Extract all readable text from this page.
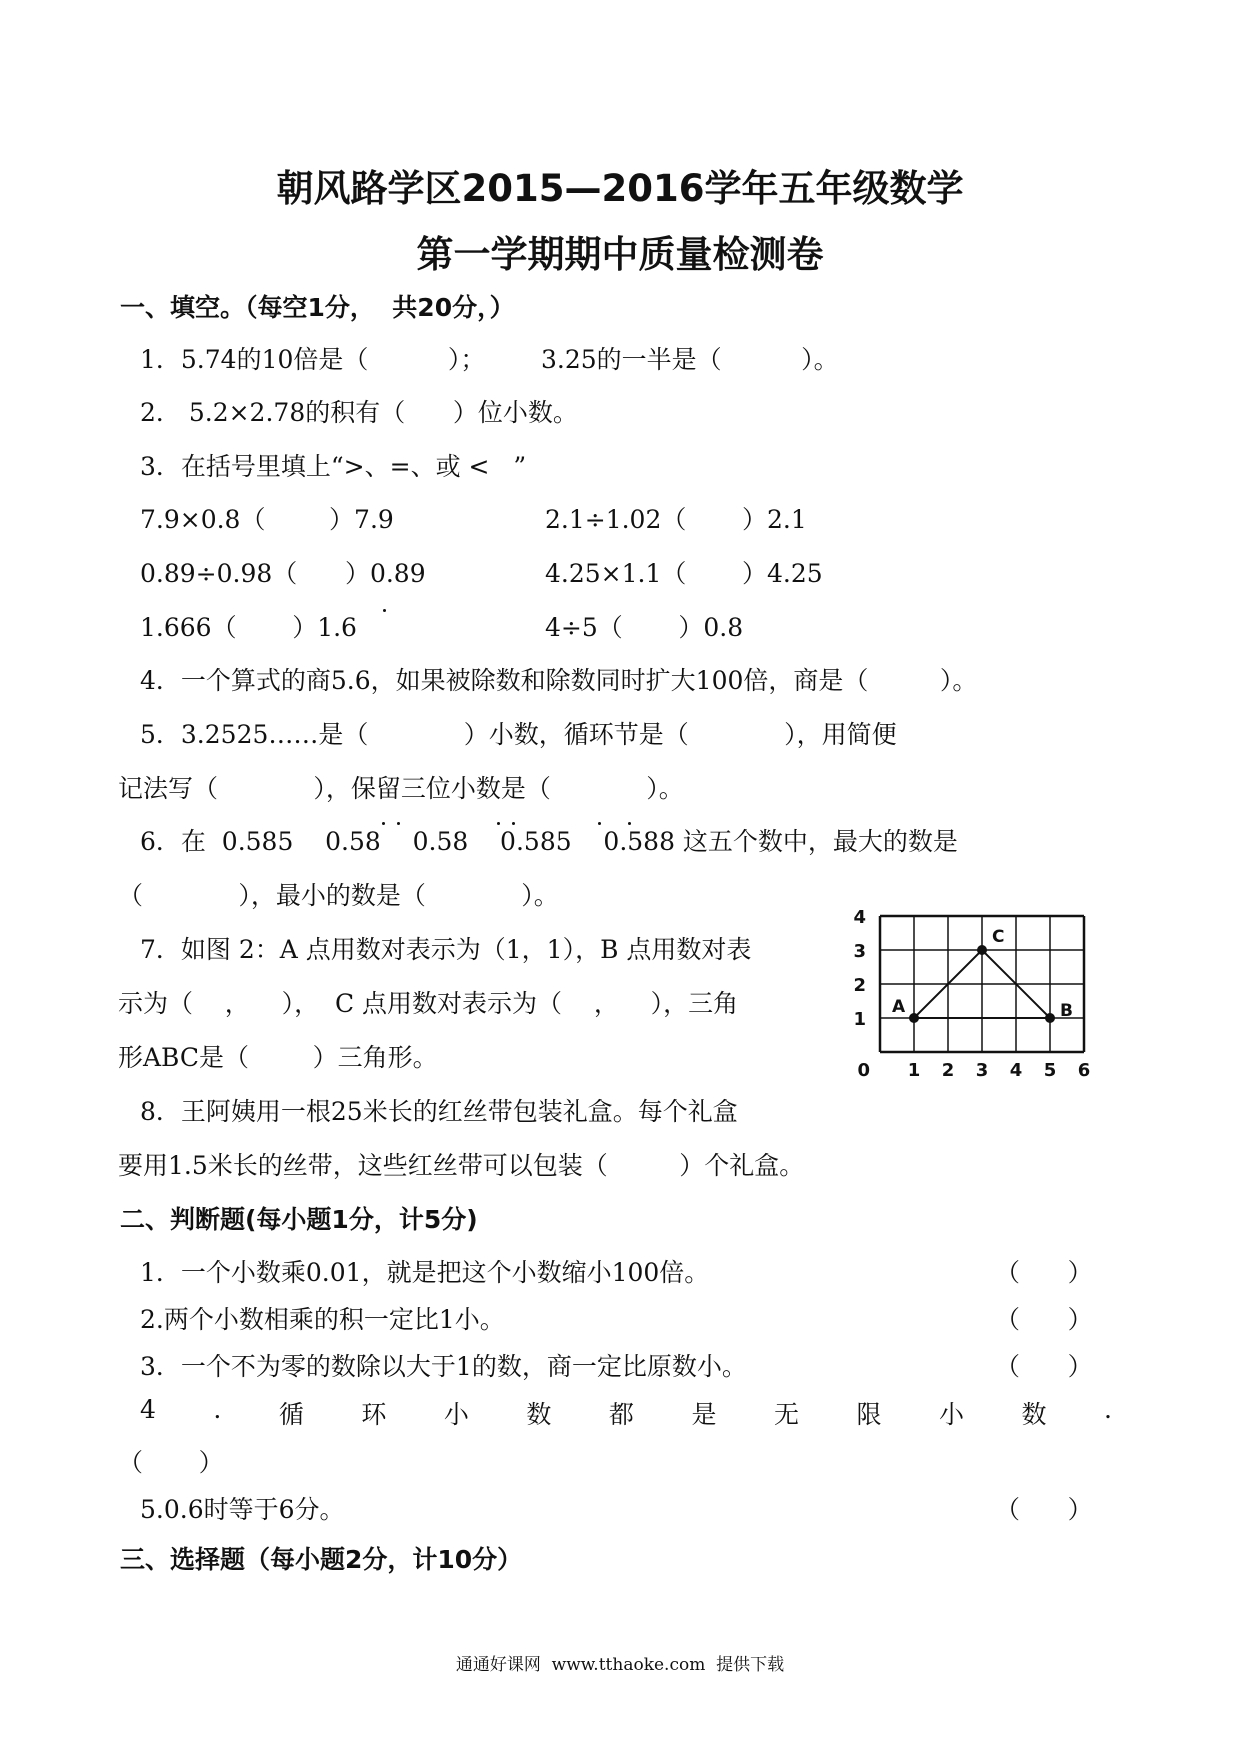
朝风路学区2015—2016学年五年级数学
第一学期期中质量检测卷
一、填空。（每空1分，  共20分，）
1．5.74的10倍是（          ）；       3.25的一半是（          ）。
2． 5.2×2.78的积有（      ）位小数。
3．在括号里填上“>、=、或 <   ”
7.9×0.8（        ）7.9	2.1÷1.02（       ）2.1
0.89÷0.98（      ）0.89	4.25×1.1（       ）4.25
1.666（       ）1.6	4÷5（       ）0.8
4．一个算式的商5.6，如果被除数和除数同时扩大100倍，商是（         ）。
5．3.2525……是（            ）小数，循环节是（            ），用简便
记法写（            ），保留三位小数是（            ）。
6．在  0.585    0.58    0.58    0.585    0.588 这五个数中，最大的数是
（            ），最小的数是（            ）。
7．如图 2：A 点用数对表示为（1，1），B 点用数对表
示为（    ，    ），  C 点用数对表示为（    ，    ），三角
形ABC是（        ）三角形。
8．王阿姨用一根25米长的红丝带包装礼盒。每个礼盒
要用1.5米长的丝带，这些红丝带可以包装（         ）个礼盒。
0 1 2 3 4 5 6
4
3
2
1
A	B
C
二、判断题(每小题1分，计5分)
1．一个小数乘0.01，就是把这个小数缩小100倍。	（      ）
2.两个小数相乘的积一定比1小。	（      ）
3．一个不为零的数除以大于1的数，商一定比原数小。	（      ）
4 . 循 环 小 数 都 是 无 限 小 数 .
（       ）
5.0.6时等于6分。	（      ）
三、选择题（每小题2分，计10分）
通通好课网  www.tthaoke.com  提供下载
